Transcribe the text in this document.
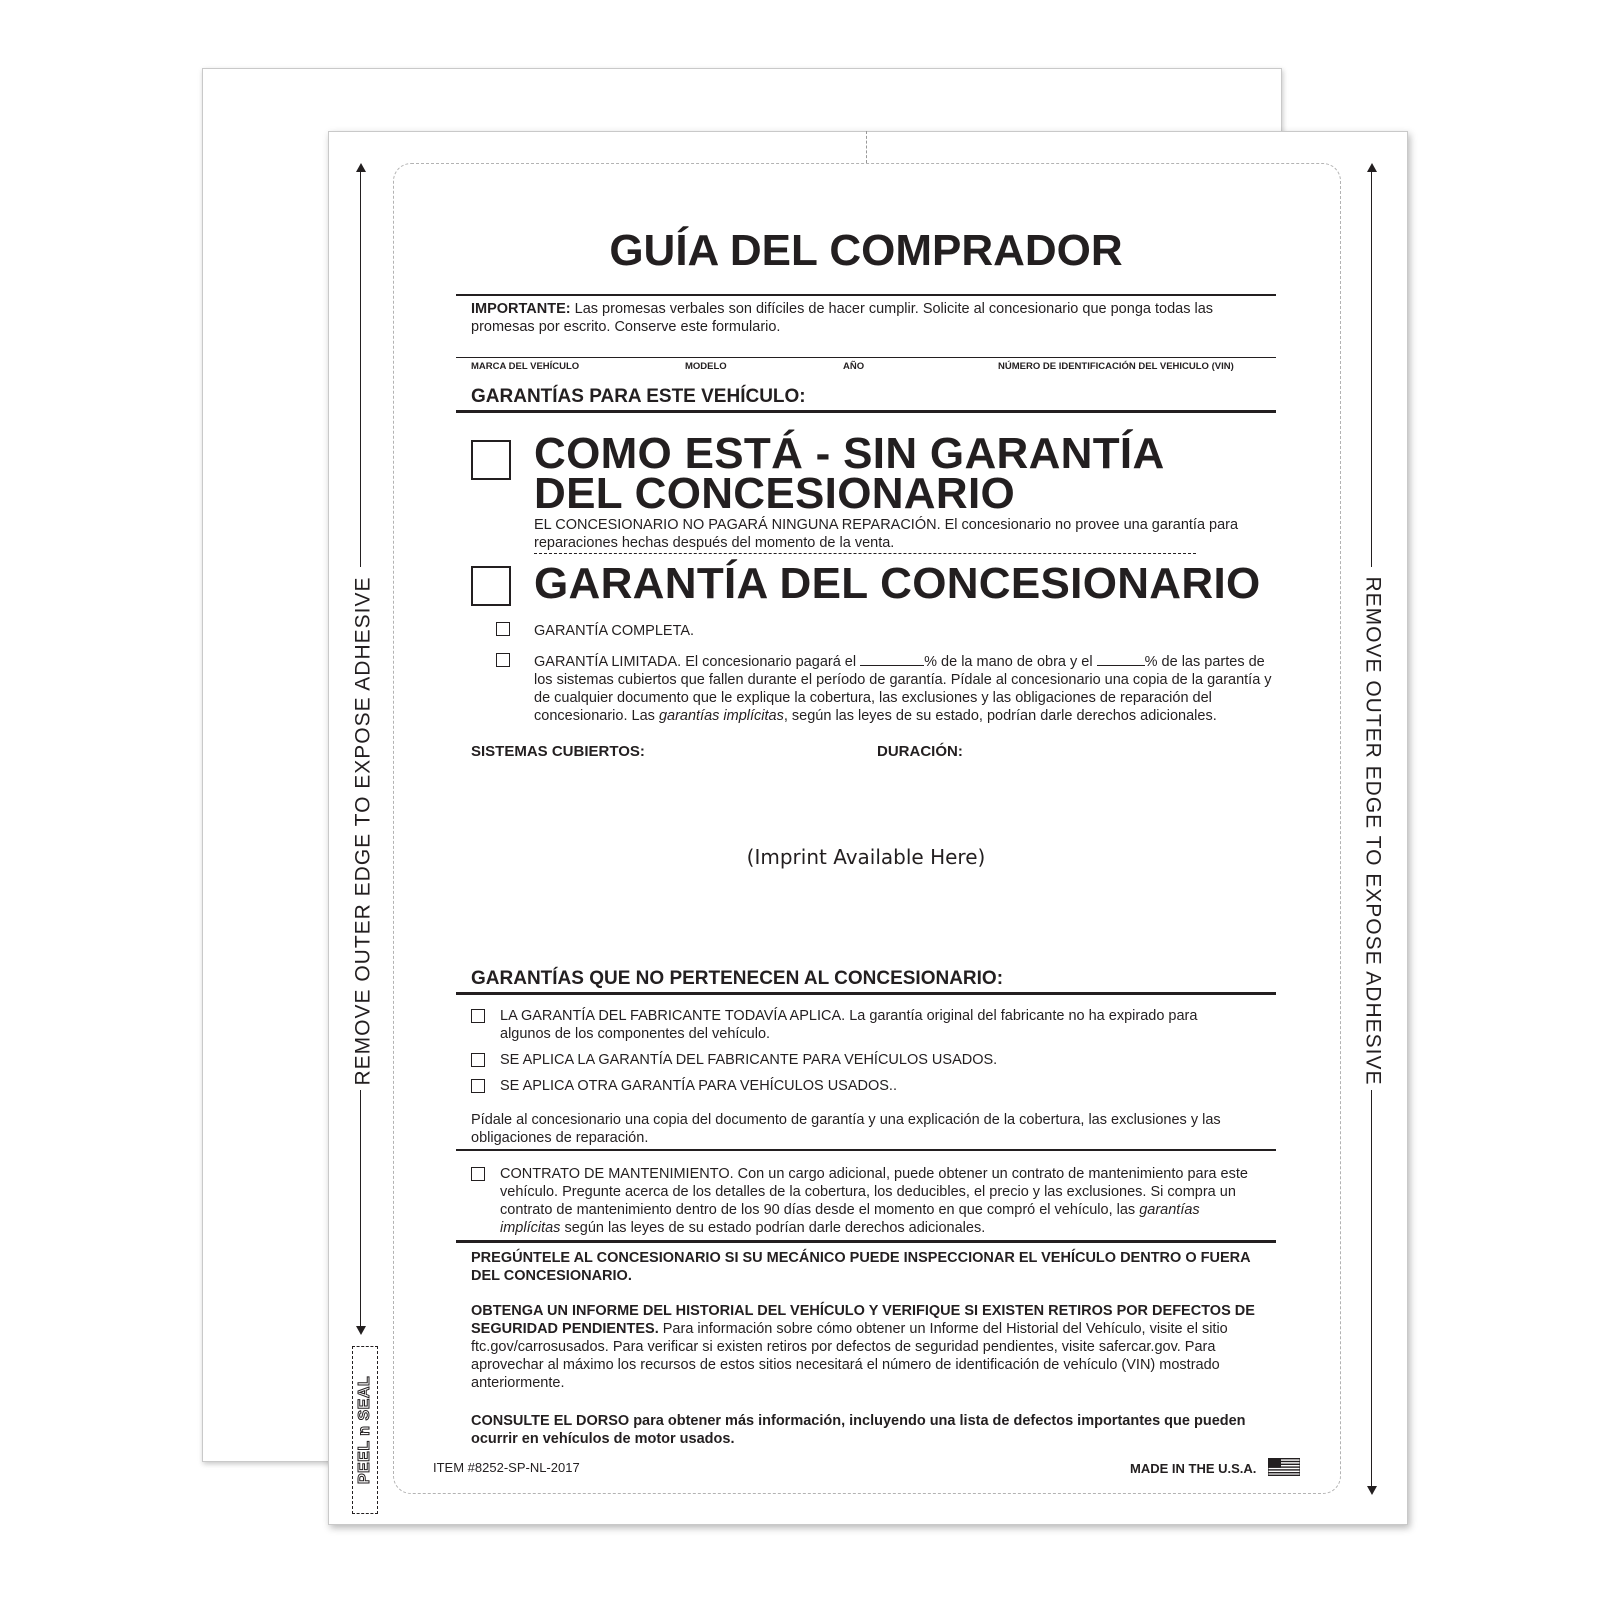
REMOVE OUTER EDGE TO EXPOSE ADHESIVE	REMOVE OUTER EDGE TO EXPOSE ADHESIVE
PEEL n SEAL
GUÍA DEL COMPRADOR
IMPORTANTE: Las promesas verbales son difíciles de hacer cumplir. Solicite al concesionario que ponga todas las promesas por escrito. Conserve este formulario.
MARCA DEL VEHÍCULO	MODELO	AÑO	NÚMERO DE IDENTIFICACIÓN DEL VEHICULO (VIN)
GARANTÍAS PARA ESTE VEHÍCULO:
COMO ESTÁ - SIN GARANTÍA DEL CONCESIONARIO
EL CONCESIONARIO NO PAGARÁ NINGUNA REPARACIÓN. El concesionario no provee una garantía para reparaciones hechas después del momento de la venta.
GARANTÍA DEL CONCESIONARIO
GARANTÍA COMPLETA.
GARANTÍA LIMITADA. El concesionario pagará el	% de la mano de obra y el	% de las partes de los sistemas cubiertos que fallen durante el período de garantía. Pídale al concesionario una copia de la garantía y de cualquier documento que le explique la cobertura, las exclusiones y las obligaciones de reparación del concesionario. Las garantías implícitas, según las leyes de su estado, podrían darle derechos adicionales.
SISTEMAS CUBIERTOS:	DURACIÓN:
(Imprint Available Here)
GARANTÍAS QUE NO PERTENECEN AL CONCESIONARIO:
LA GARANTÍA DEL FABRICANTE TODAVÍA APLICA. La garantía original del fabricante no ha expirado para algunos de los componentes del vehículo.
SE APLICA LA GARANTÍA DEL FABRICANTE PARA VEHÍCULOS USADOS.
SE APLICA OTRA GARANTÍA PARA VEHÍCULOS USADOS..
Pídale al concesionario una copia del documento de garantía y una explicación de la cobertura, las exclusiones y las obligaciones de reparación.
CONTRATO DE MANTENIMIENTO. Con un cargo adicional, puede obtener un contrato de mantenimiento para este vehículo. Pregunte acerca de los detalles de la cobertura, los deducibles, el precio y las exclusiones. Si compra un contrato de mantenimiento dentro de los 90 días desde el momento en que compró el vehículo, las garantías implícitas según las leyes de su estado podrían darle derechos adicionales.
PREGÚNTELE AL CONCESIONARIO SI SU MECÁNICO PUEDE INSPECCIONAR EL VEHÍCULO DENTRO O FUERA DEL CONCESIONARIO.
OBTENGA UN INFORME DEL HISTORIAL DEL VEHÍCULO Y VERIFIQUE SI EXISTEN RETIROS POR DEFECTOS DE SEGURIDAD PENDIENTES. Para información sobre cómo obtener un Informe del Historial del Vehículo, visite el sitio ftc.gov/carrosusados. Para verificar si existen retiros por defectos de seguridad pendientes, visite safercar.gov. Para aprovechar al máximo los recursos de estos sitios necesitará el número de identificación de vehículo (VIN) mostrado anteriormente.
CONSULTE EL DORSO para obtener más información, incluyendo una lista de defectos importantes que pueden ocurrir en vehículos de motor usados.
ITEM #8252-SP-NL-2017	MADE IN THE U.S.A.
